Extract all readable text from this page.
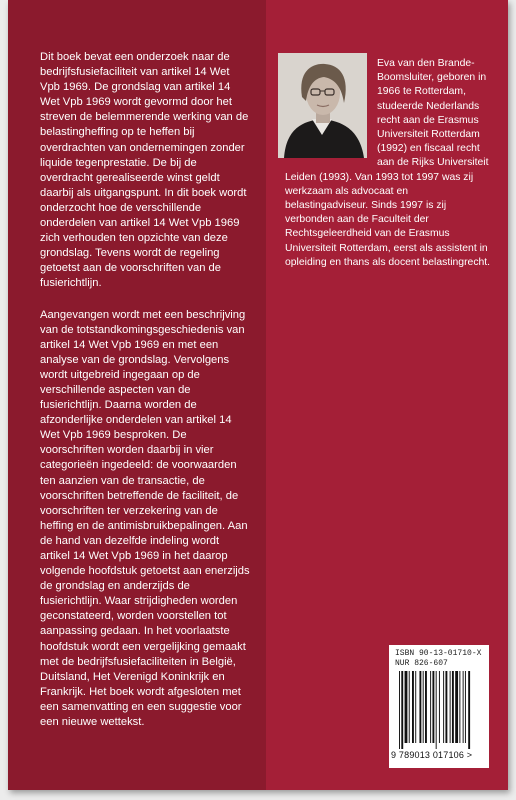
Dit boek bevat een onderzoek naar de bedrijfsfusiefaciliteit van artikel 14 Wet Vpb 1969. De grondslag van artikel 14 Wet Vpb 1969 wordt gevormd door het streven de belemmerende werking van de belastingheffing op te heffen bij overdrachten van ondernemingen zonder liquide tegenprestatie. De bij de overdracht gerealiseerde winst geldt daarbij als uitgangspunt. In dit boek wordt onderzocht hoe de verschillende onderdelen van artikel 14 Wet Vpb 1969 zich verhouden ten opzichte van deze grondslag. Tevens wordt de regeling getoetst aan de voorschriften van de fusierichtlijn.

Aangevangen wordt met een beschrijving van de totstandkomingsgeschiedenis van artikel 14 Wet Vpb 1969 en met een analyse van de grondslag. Vervolgens wordt uitgebreid ingegaan op de verschillende aspecten van de fusierichtlijn. Daarna worden de afzonderlijke onderdelen van artikel 14 Wet Vpb 1969 besproken. De voorschriften worden daarbij in vier categorieën ingedeeld: de voorwaarden ten aanzien van de transactie, de voorschriften betreffende de faciliteit, de voorschriften ter verzekering van de heffing en de antimisbruikbepalingen. Aan de hand van dezelfde indeling wordt artikel 14 Wet Vpb 1969 in het daarop volgende hoofdstuk getoetst aan enerzijds de grondslag en anderzijds de fusierichtlijn. Waar strijdigheden worden geconstateerd, worden voorstellen tot aanpassing gedaan. In het voorlaatste hoofdstuk wordt een vergelijking gemaakt met de bedrijfsfusiefaciliteiten in België, Duitsland, Het Verenigd Koninkrijk en Frankrijk. Het boek wordt afgesloten met een samenvatting en een suggestie voor een nieuwe wettekst.

Eva van den Brande-Boomsluiter, geboren in 1966 te Rotterdam, studeerde Nederlands recht aan de Erasmus Universiteit Rotterdam (1992) en fiscaal recht aan de Rijks Universiteit Leiden (1993). Van 1993 tot 1997 was zij werkzaam als advocaat en belastingadviseur. Sinds 1997 is zij verbonden aan de Faculteit der Rechtsgeleerdheid van de Erasmus Universiteit Rotterdam, eerst als assistent in opleiding en thans als docent belastingrecht.
ISBN 90-13-01710-X
NUR 826-607
9 789013 017106 >
